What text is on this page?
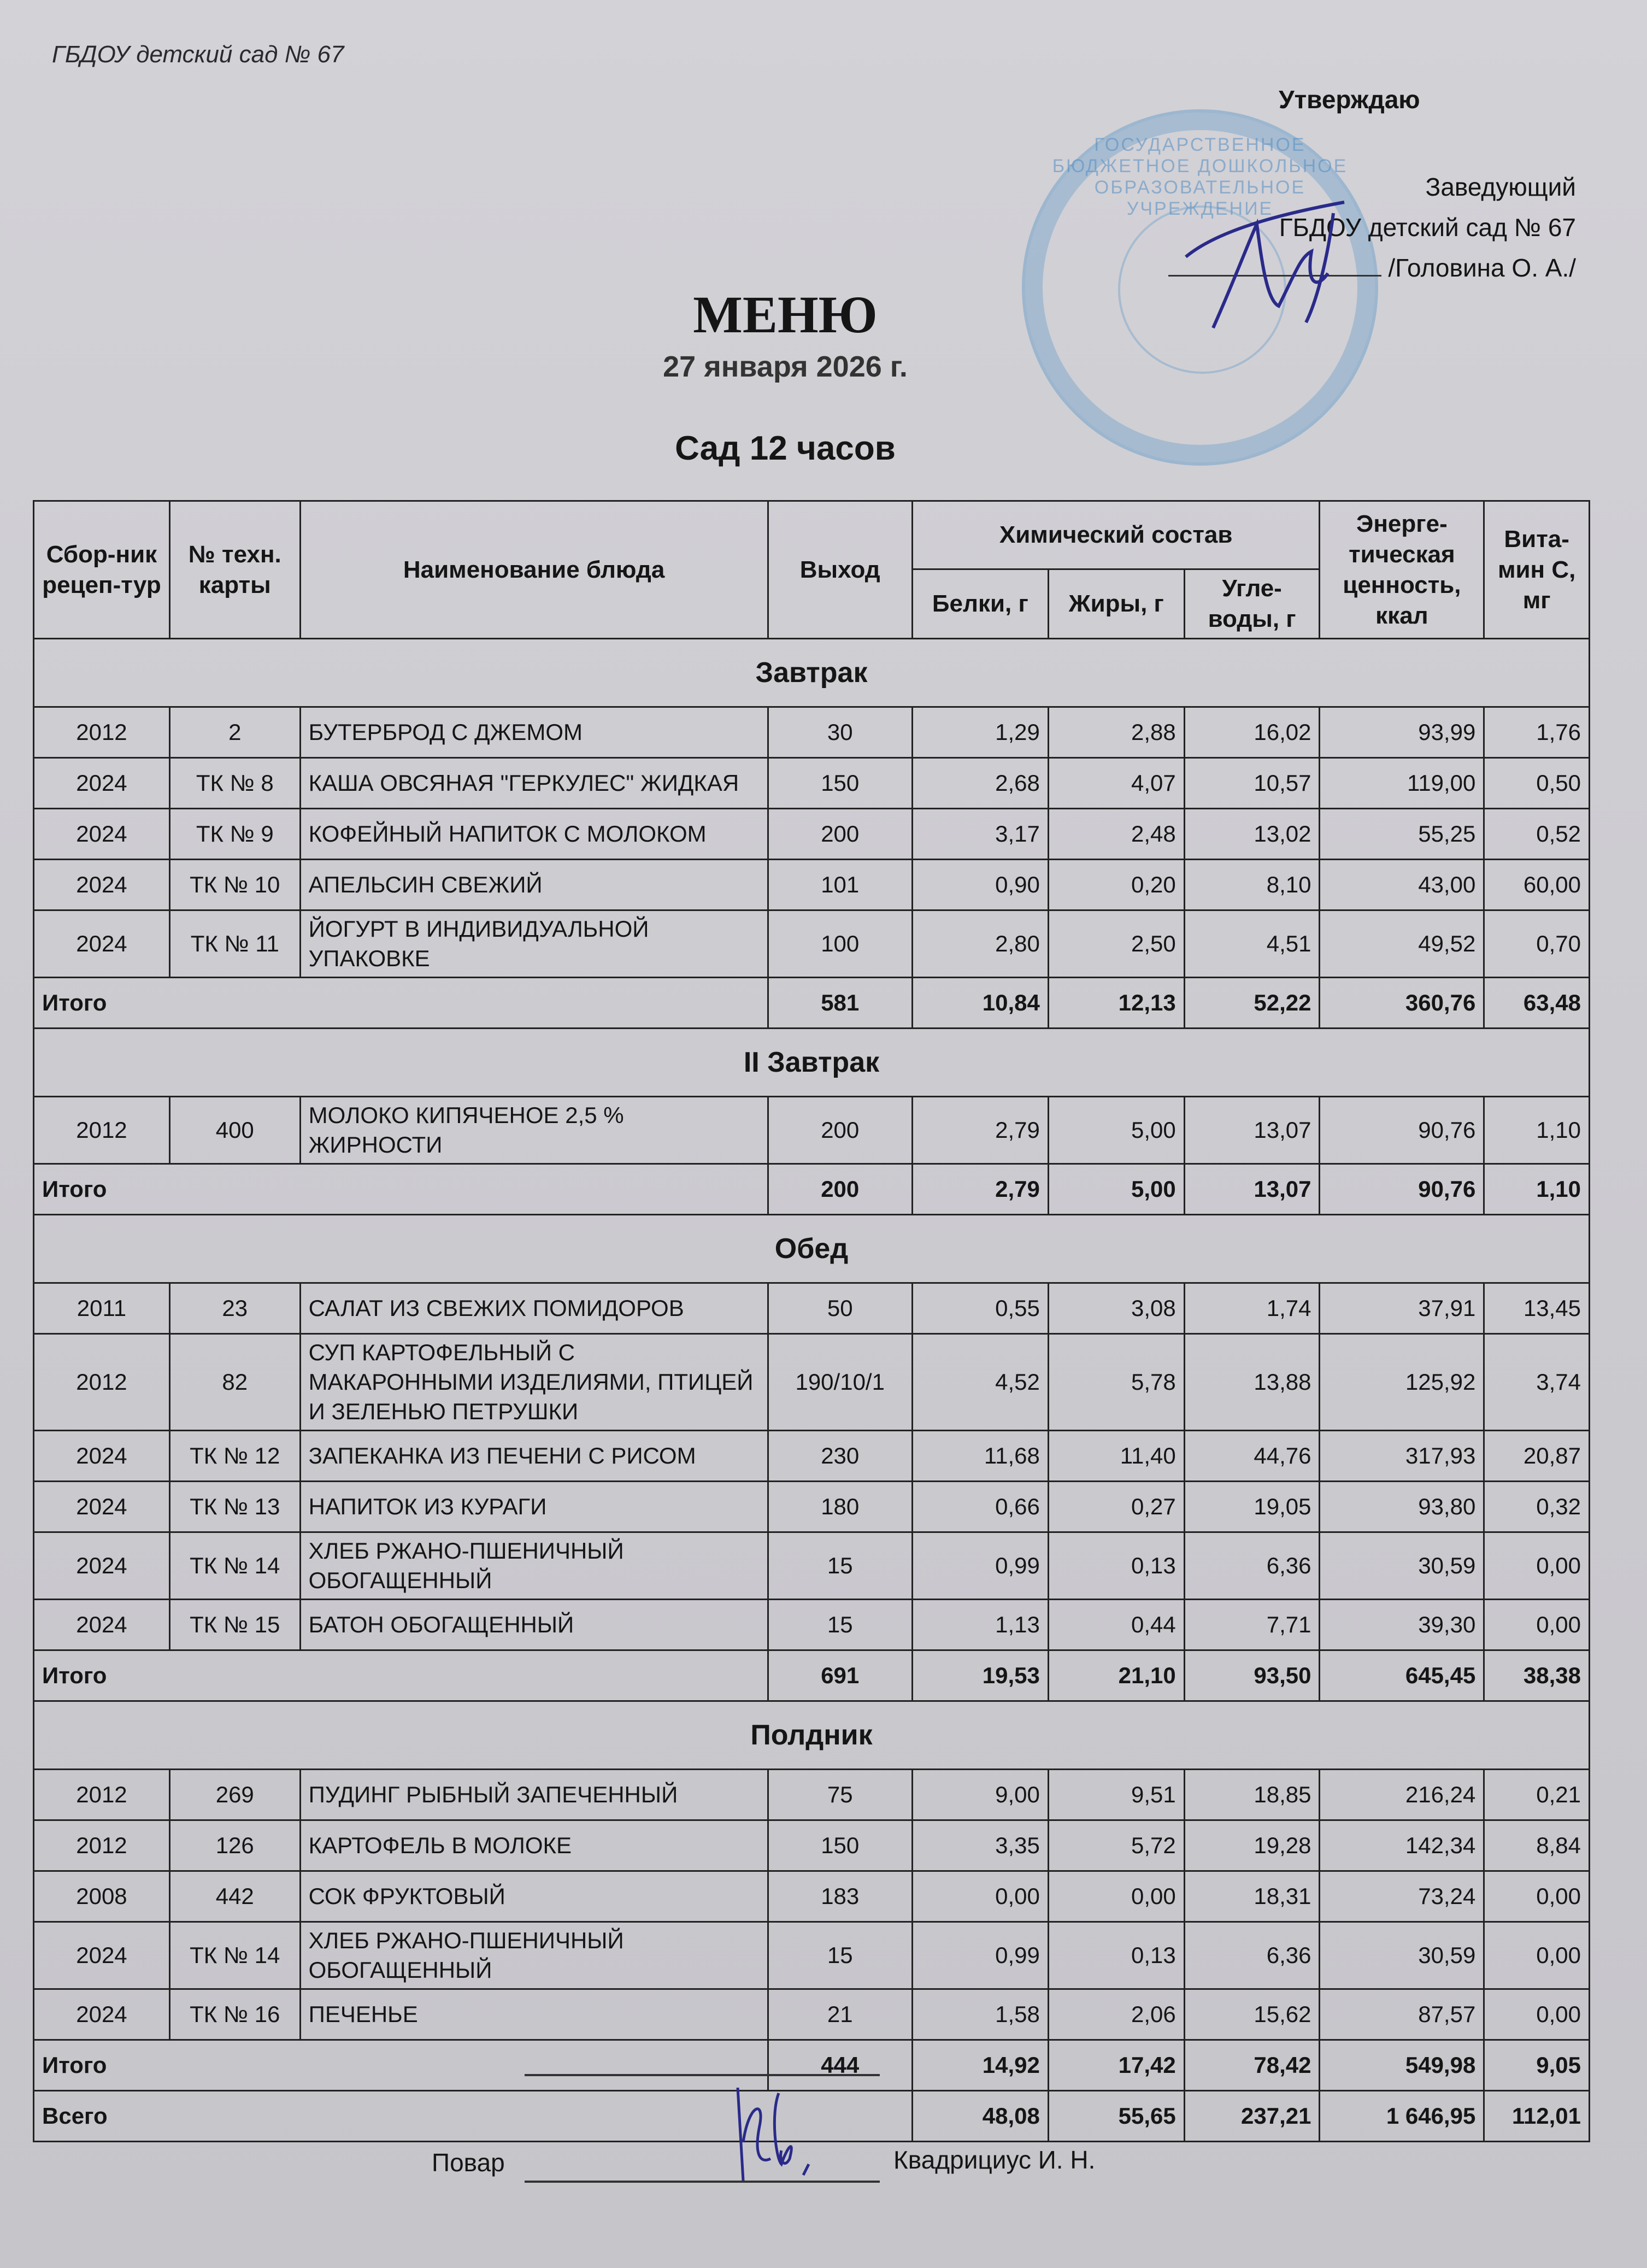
ГБДОУ детский сад № 67
ГОСУДАРСТВЕННОЕ БЮДЖЕТНОЕ ДОШКОЛЬНОЕ ОБРАЗОВАТЕЛЬНОЕ УЧРЕЖДЕНИЕ
Утверждаю
Заведующий
ГБДОУ детский сад № 67
/Головина О. А./
МЕНЮ
27 января 2026 г.
Сад 12 часов
Сбор-ник рецеп-тур	№ техн. карты	Наименование блюда	Выход	Химический состав			Энерге-тическая ценность, ккал	Вита-мин С, мг
				Белки, г	Жиры, г	Угле-воды, г		
Завтрак								
2012	2	БУТЕРБРОД С ДЖЕМОМ	30	1,29	2,88	16,02	93,99	1,76
2024	ТК № 8	КАША ОВСЯНАЯ "ГЕРКУЛЕС" ЖИДКАЯ	150	2,68	4,07	10,57	119,00	0,50
2024	ТК № 9	КОФЕЙНЫЙ НАПИТОК С МОЛОКОМ	200	3,17	2,48	13,02	55,25	0,52
2024	ТК № 10	АПЕЛЬСИН СВЕЖИЙ	101	0,90	0,20	8,10	43,00	60,00
2024	ТК № 11	ЙОГУРТ В ИНДИВИДУАЛЬНОЙ УПАКОВКЕ	100	2,80	2,50	4,51	49,52	0,70
Итого			581	10,84	12,13	52,22	360,76	63,48
II Завтрак								
2012	400	МОЛОКО КИПЯЧЕНОЕ 2,5 % ЖИРНОСТИ	200	2,79	5,00	13,07	90,76	1,10
Итого			200	2,79	5,00	13,07	90,76	1,10
Обед								
2011	23	САЛАТ ИЗ СВЕЖИХ ПОМИДОРОВ	50	0,55	3,08	1,74	37,91	13,45
2012	82	СУП КАРТОФЕЛЬНЫЙ С МАКАРОННЫМИ ИЗДЕЛИЯМИ, ПТИЦЕЙ И ЗЕЛЕНЬЮ ПЕТРУШКИ	190/10/1	4,52	5,78	13,88	125,92	3,74
2024	ТК № 12	ЗАПЕКАНКА ИЗ ПЕЧЕНИ С РИСОМ	230	11,68	11,40	44,76	317,93	20,87
2024	ТК № 13	НАПИТОК ИЗ КУРАГИ	180	0,66	0,27	19,05	93,80	0,32
2024	ТК № 14	ХЛЕБ РЖАНО-ПШЕНИЧНЫЙ ОБОГАЩЕННЫЙ	15	0,99	0,13	6,36	30,59	0,00
2024	ТК № 15	БАТОН ОБОГАЩЕННЫЙ	15	1,13	0,44	7,71	39,30	0,00
Итого			691	19,53	21,10	93,50	645,45	38,38
Полдник								
2012	269	ПУДИНГ РЫБНЫЙ ЗАПЕЧЕННЫЙ	75	9,00	9,51	18,85	216,24	0,21
2012	126	КАРТОФЕЛЬ В МОЛОКЕ	150	3,35	5,72	19,28	142,34	8,84
2008	442	СОК ФРУКТОВЫЙ	183	0,00	0,00	18,31	73,24	0,00
2024	ТК № 14	ХЛЕБ РЖАНО-ПШЕНИЧНЫЙ ОБОГАЩЕННЫЙ	15	0,99	0,13	6,36	30,59	0,00
2024	ТК № 16	ПЕЧЕНЬЕ	21	1,58	2,06	15,62	87,57	0,00
Итого			444	14,92	17,42	78,42	549,98	9,05
Всего				48,08	55,65	237,21	1 646,95	112,01
Повар	Квадрициус И. Н.
